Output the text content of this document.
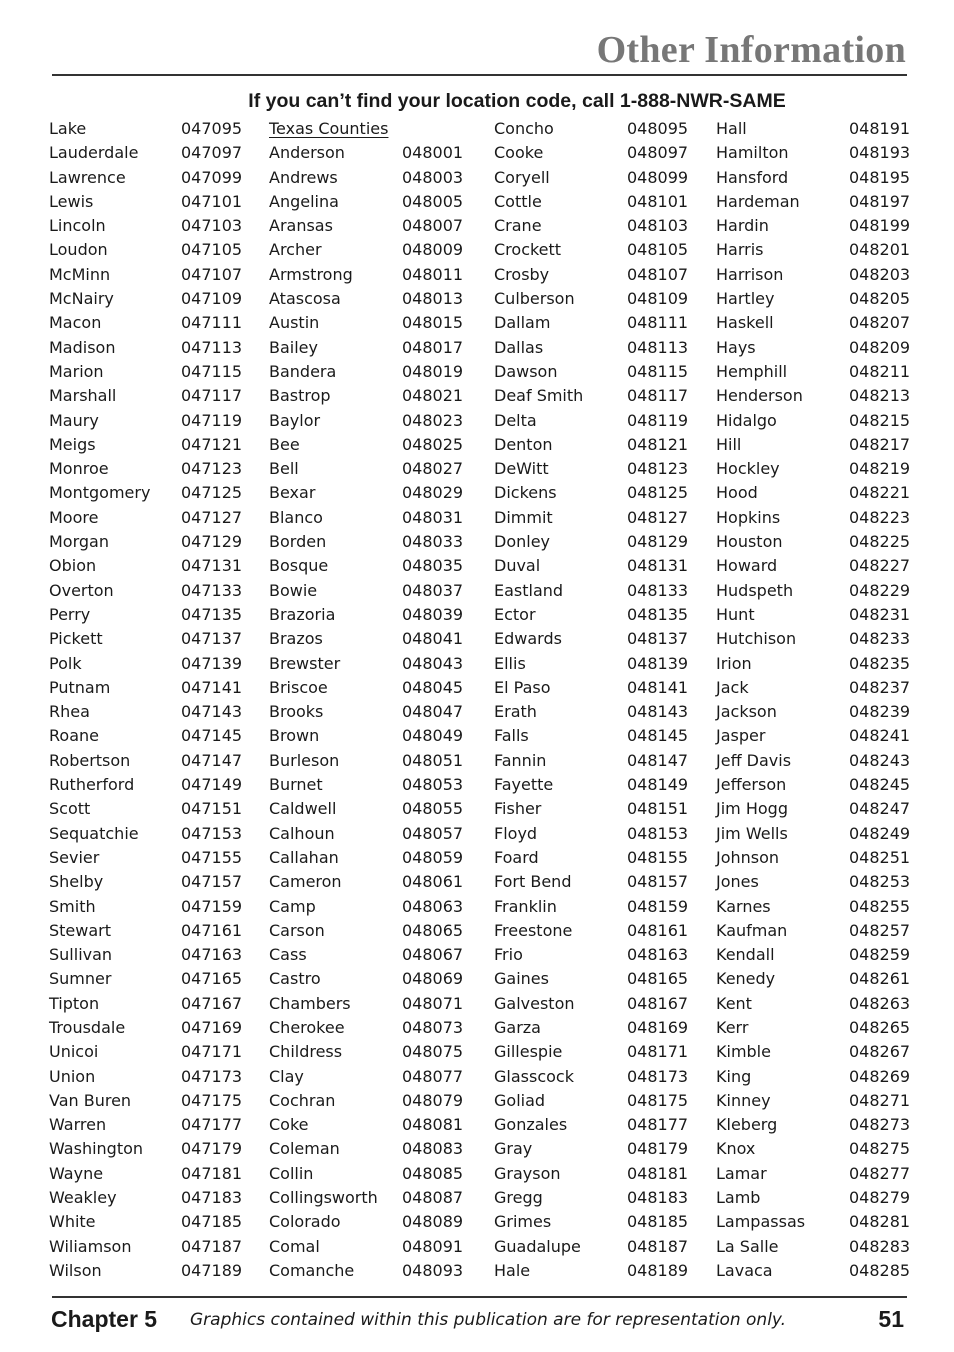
Other Information
If you can’t find your location code, call 1-888-NWR-SAME
Lake	047095
Lauderdale	047097
Lawrence	047099
Lewis	047101
Lincoln	047103
Loudon	047105
McMinn	047107
McNairy	047109
Macon	047111
Madison	047113
Marion	047115
Marshall	047117
Maury	047119
Meigs	047121
Monroe	047123
Montgomery 047125
Moore	047127
Morgan	047129
Obion	047131
Overton	047133
Perry	047135
Pickett	047137
Polk	047139
Putnam	047141
Rhea	047143
Roane	047145
Robertson	047147
Rutherford	047149
Scott	047151
Sequatchie	047153
Sevier	047155
Shelby	047157
Smith	047159
Stewart	047161
Sullivan	047163
Sumner	047165
Tipton	047167
Trousdale	047169
Unicoi	047171
Union	047173
Van Buren	047175
Warren	047177
Washington 047179
Wayne	047181
Weakley	047183
White	047185
Wiliamson	047187
Wilson	047189
Texas Counties
Anderson	048001
Andrews	048003
Angelina	048005
Aransas	048007
Archer	048009
Armstrong	048011
Atascosa	048013
Austin	048015
Bailey	048017
Bandera	048019
Bastrop	048021
Baylor	048023
Bee	048025
Bell	048027
Bexar	048029
Blanco	048031
Borden	048033
Bosque	048035
Bowie	048037
Brazoria	048039
Brazos	048041
Brewster	048043
Briscoe	048045
Brooks	048047
Brown	048049
Burleson	048051
Burnet	048053
Caldwell	048055
Calhoun	048057
Callahan	048059
Cameron	048061
Camp	048063
Carson	048065
Cass	048067
Castro	048069
Chambers	048071
Cherokee	048073
Childress	048075
Clay	048077
Cochran	048079
Coke	048081
Coleman	048083
Collin	048085
Collingsworth 048087
Colorado	048089
Comal	048091
Comanche	048093
Concho	048095
Cooke	048097
Coryell	048099
Cottle	048101
Crane	048103
Crockett	048105
Crosby	048107
Culberson	048109
Dallam	048111
Dallas	048113
Dawson	048115
Deaf Smith	048117
Delta	048119
Denton	048121
DeWitt	048123
Dickens	048125
Dimmit	048127
Donley	048129
Duval	048131
Eastland	048133
Ector	048135
Edwards	048137
Ellis	048139
El Paso	048141
Erath	048143
Falls	048145
Fannin	048147
Fayette	048149
Fisher	048151
Floyd	048153
Foard	048155
Fort Bend	048157
Franklin	048159
Freestone	048161
Frio	048163
Gaines	048165
Galveston	048167
Garza	048169
Gillespie	048171
Glasscock	048173
Goliad	048175
Gonzales	048177
Gray	048179
Grayson	048181
Gregg	048183
Grimes	048185
Guadalupe	048187
Hale	048189
Hall	048191
Hamilton	048193
Hansford	048195
Hardeman	048197
Hardin	048199
Harris	048201
Harrison	048203
Hartley	048205
Haskell	048207
Hays	048209
Hemphill	048211
Henderson	048213
Hidalgo	048215
Hill	048217
Hockley	048219
Hood	048221
Hopkins	048223
Houston	048225
Howard	048227
Hudspeth	048229
Hunt	048231
Hutchison	048233
Irion	048235
Jack	048237
Jackson	048239
Jasper	048241
Jeff Davis	048243
Jefferson	048245
Jim Hogg	048247
Jim Wells	048249
Johnson	048251
Jones	048253
Karnes	048255
Kaufman	048257
Kendall	048259
Kenedy	048261
Kent	048263
Kerr	048265
Kimble	048267
King	048269
Kinney	048271
Kleberg	048273
Knox	048275
Lamar	048277
Lamb	048279
Lampassas	048281
La Salle	048283
Lavaca	048285
Chapter 5 Graphics contained within this publication are for representation only.	51
